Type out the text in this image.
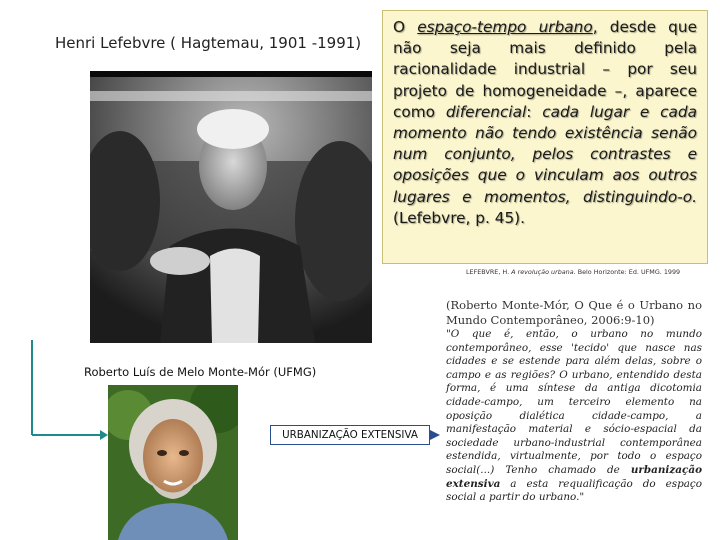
Henri Lefebvre ( Hagtemau, 1901 -1991)
O espaço-tempo urbano, desde que não seja mais definido pela racionalidade industrial – por seu projeto de homogeneidade –, aparece como diferencial: cada lugar e cada momento não tendo existência senão num conjunto, pelos contrastes e oposições que o vinculam aos outros lugares e momentos, distinguindo-o. (Lefebvre, p. 45).
LEFEBVRE, H. A revolução urbana. Belo Horizonte: Ed. UFMG. 1999
Roberto Luís de Melo Monte-Mór (UFMG)
URBANIZAÇÃO EXTENSIVA
(Roberto Monte-Mór, O Que é o Urbano no Mundo Contemporâneo, 2006:9-10)
"O que é, então, o urbano no mundo contemporâneo, esse 'tecido' que nasce nas cidades e se estende para além delas, sobre o campo e as regiões? O urbano, entendido desta forma, é uma síntese da antiga dicotomia cidade-campo, um terceiro elemento na oposição dialética cidade-campo, a manifestação material e sócio-espacial da sociedade urbano-industrial contemporânea estendida, virtualmente, por todo o espaço social(...) Tenho chamado de urbanização extensiva a esta requalificação do espaço social a partir do urbano."
